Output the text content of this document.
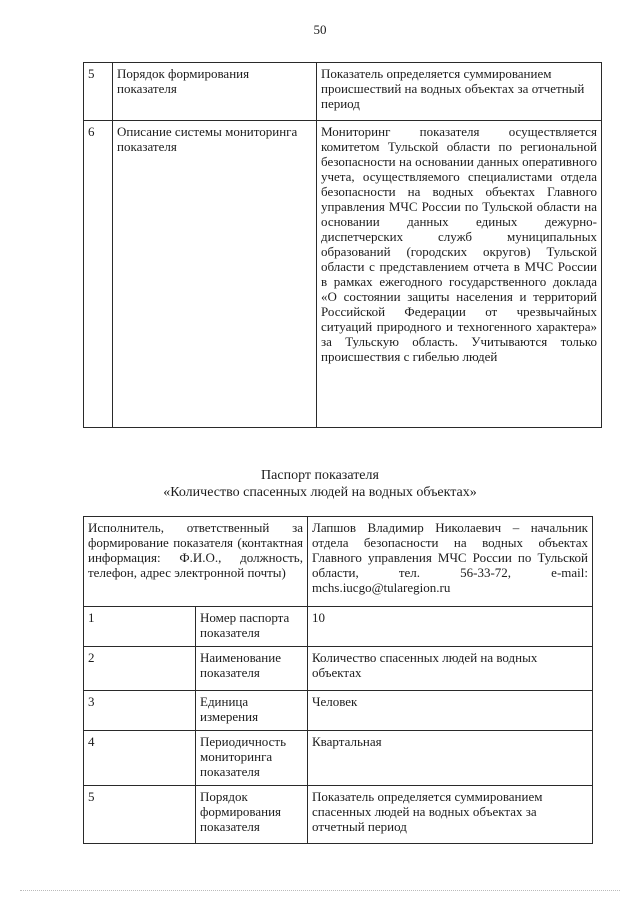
50
5	Порядок формирования показателя	Показатель определяется суммированием происшествий на водных объектах за отчетный период
6	Описание системы мониторинга показателя	Мониторинг показателя осуществляется комитетом Тульской области по региональной безопасности на основании данных оперативного учета, осуществляемого специалистами отдела безопасности на водных объектах Главного управления МЧС России по Тульской области на основании данных единых дежурно-диспетчерских служб муниципальных образований (городских округов) Тульской области с представлением отчета в МЧС России в рамках ежегодного государственного доклада «О состоянии защиты населения и территорий Российской Федерации от чрезвычайных ситуаций природного и техногенного характера» за Тульскую область. Учитываются только происшествия с гибелью людей
Паспорт показателя
«Количество спасенных людей на водных объектах»
Исполнитель, ответственный за формирование показателя (контактная информация: Ф.И.О., должность, телефон, адрес электронной почты)		Лапшов Владимир Николаевич – начальник отдела безопасности на водных объектах Главного управления МЧС России по Тульской области, тел. 56-33-72, e-mail: mchs.iucgo@tularegion.ru
1	Номер паспорта показателя	10
2	Наименование показателя	Количество спасенных людей на водных объектах
3	Единица измерения	Человек
4	Периодичность мониторинга показателя	Квартальная
5	Порядок формирования показателя	Показатель определяется суммированием спасенных людей на водных объектах за отчетный период
